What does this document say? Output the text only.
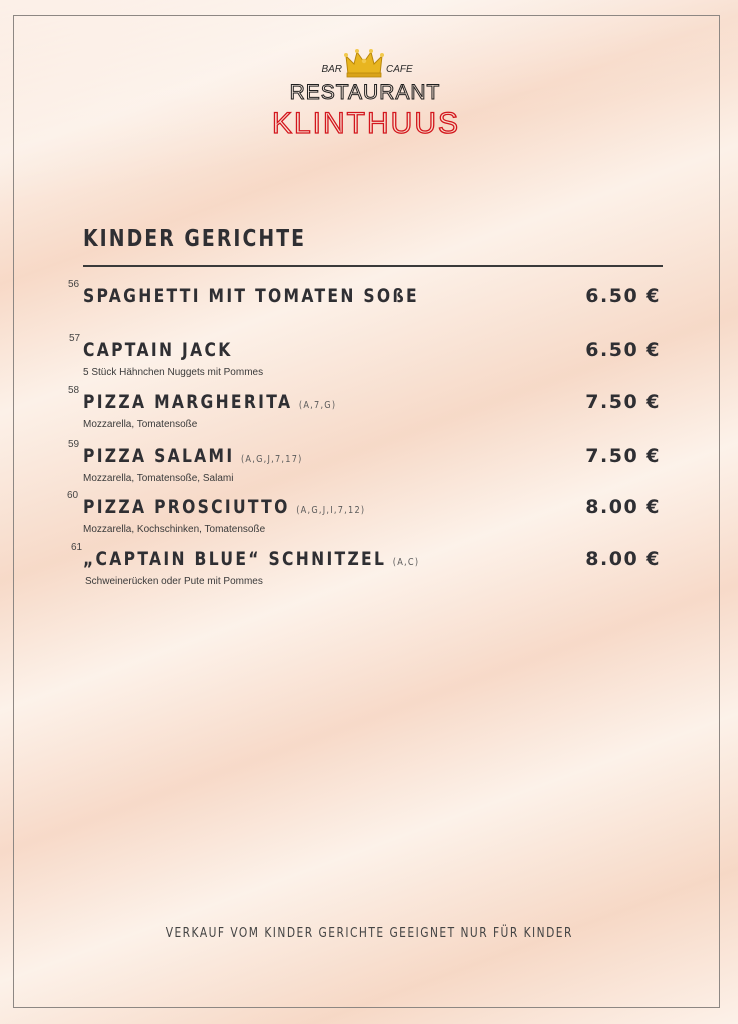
BAR	CAFE
RESTAURANT
KLINTHUUS
KINDER GERICHTE
56
SPAGHETTI MIT TOMATEN SOßE	6.50 €
57
CAPTAIN JACK
5 Stück Hähnchen Nuggets mit Pommes
6.50 €
58
PIZZA MARGHERITA (A,7,G)
Mozzarella, Tomatensoße
7.50 €
59
PIZZA SALAMI (A,G,J,7,17)
Mozzarella, Tomatensoße, Salami
7.50 €
60
PIZZA PROSCIUTTO (A,G,J,I,7,12)
Mozzarella, Kochschinken, Tomatensoße
8.00 €
61
„CAPTAIN BLUE“ SCHNITZEL (A,C)
Schweinerücken oder Pute mit Pommes
8.00 €
VERKAUF VOM KINDER GERICHTE GEEIGNET NUR FÜR KINDER
